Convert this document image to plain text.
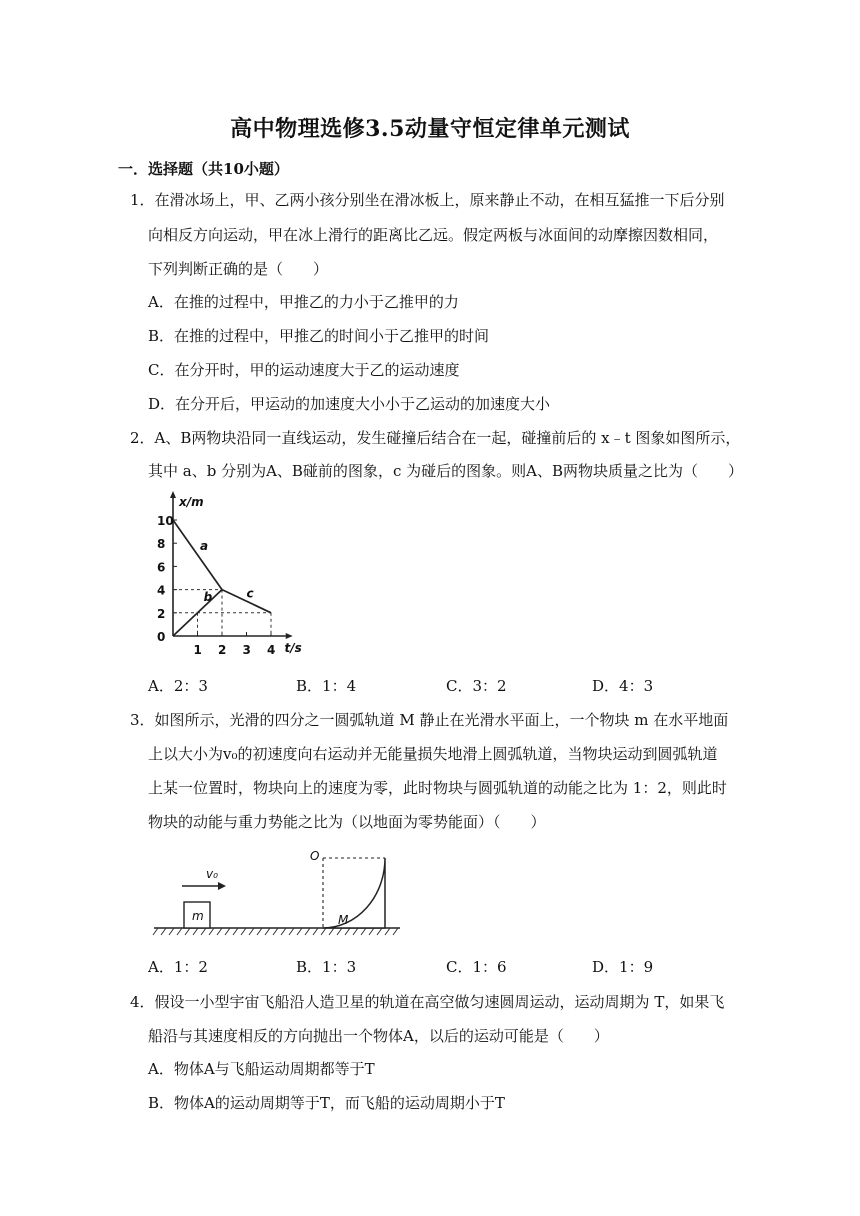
高中物理选修3.5动量守恒定律单元测试
一．选择题（共10小题）
1．在滑冰场上，甲、乙两小孩分别坐在滑冰板上，原来静止不动，在相互猛推一下后分别
向相反方向运动，甲在冰上滑行的距离比乙远。假定两板与冰面间的动摩擦因数相同，
下列判断正确的是（　　）
A．在推的过程中，甲推乙的力小于乙推甲的力
B．在推的过程中，甲推乙的时间小于乙推甲的时间
C．在分开时，甲的运动速度大于乙的运动速度
D．在分开后，甲运动的加速度大小小于乙运动的加速度大小
2．A、B两物块沿同一直线运动，发生碰撞后结合在一起，碰撞前后的 x﹣t 图象如图所示，
其中 a、b 分别为A、B碰前的图象，c 为碰后的图象。则A、B两物块质量之比为（　　）
x/m
t/s
10
8
6
4
2
0
1 2 3 4
a
b	c
A．2：3	B．1：4	C．3：2	D．4：3
3．如图所示，光滑的四分之一圆弧轨道 M 静止在光滑水平面上，一个物块 m 在水平地面
上以大小为v₀的初速度向右运动并无能量损失地滑上圆弧轨道，当物块运动到圆弧轨道
上某一位置时，物块向上的速度为零，此时物块与圆弧轨道的动能之比为 1：2，则此时
物块的动能与重力势能之比为（以地面为零势能面）（　　）
m
v₀
O
M
A．1：2	B．1：3	C．1：6	D．1：9
4．假设一小型宇宙飞船沿人造卫星的轨道在高空做匀速圆周运动，运动周期为 T，如果飞
船沿与其速度相反的方向抛出一个物体A，以后的运动可能是（　　）
A．物体A与飞船运动周期都等于T
B．物体A的运动周期等于T，而飞船的运动周期小于T
